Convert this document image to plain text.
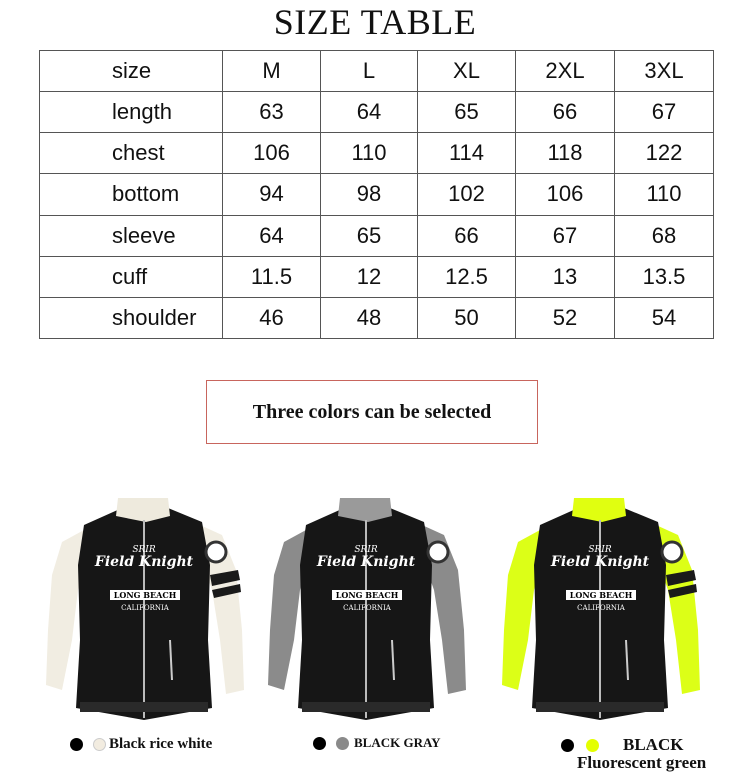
SIZE TABLE
size	M	L	XL	2XL	3XL
length	63	64	65	66	67
chest	106	110	114	118	122
bottom	94	98	102	106	110
sleeve	64	65	66	67	68
cuff	11.5	12	12.5	13	13.5
shoulder	46	48	50	52	54
Three colors can be selected
SRIR
Field Knight
LONG BEACH
CALIFORNIA
SRIR
Field Knight
LONG BEACH
CALIFORNIA
SRIR
Field Knight
LONG BEACH
CALIFORNIA
Black rice white	BLACK GRAY	BLACK
Fluorescent green
